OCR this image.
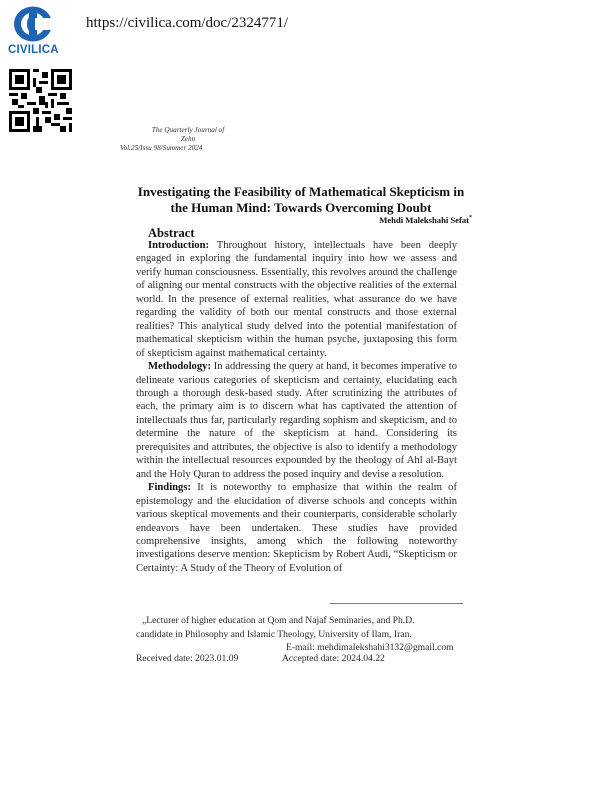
CIVILICA
https://civilica.com/doc/2324771/
The Quarterly Journal of
Zehn
Vol.25/Issu 98/Summer 2024
Investigating the Feasibility of Mathematical Skepticism in the Human Mind: Towards Overcoming Doubt
Mehdi Malekshahi Sefat*
Abstract

Introduction: Throughout history, intellectuals have been deeply engaged in exploring the fundamental inquiry into how we assess and verify human consciousness. Essentially, this revolves around the challenge of aligning our mental constructs with the objective realities of the external world. In the presence of external realities, what assurance do we have regarding the validity of both our mental constructs and those external realities? This analytical study delved into the potential manifestation of mathematical skepticism within the human psyche, juxtaposing this form of skepticism against mathematical certainty.

Methodology: In addressing the query at hand, it becomes imperative to delineate various categories of skepticism and certainty, elucidating each through a thorough desk-based study. After scrutinizing the attributes of each, the primary aim is to discern what has captivated the attention of intellectuals thus far, particularly regarding sophism and skepticism, and to determine the nature of the skepticism at hand. Considering its prerequisites and attributes, the objective is also to identify a methodology within the intellectual resources expounded by the theology of Ahl al-Bayt and the Holy Quran to address the posed inquiry and devise a resolution.

Findings: It is noteworthy to emphasize that within the realm of epistemology and the elucidation of diverse schools and concepts within various skeptical movements and their counterparts, considerable scholarly endeavors have been undertaken. These studies have provided comprehensive insights, among which the following noteworthy investigations deserve mention: Skepticism by Robert Audi, “Skepticism or Certainty: A Study of the Theory of Evolution of

„Lecturer of higher education at Qom and Najaf Seminaries, and Ph.D.
candidate in Philosophy and Islamic Theology, University of Ilam, Iran.
E-mail: mehdimalekshahi3132@gmail.com
Received date: 2023.01.09	Accepted date: 2024.04.22
